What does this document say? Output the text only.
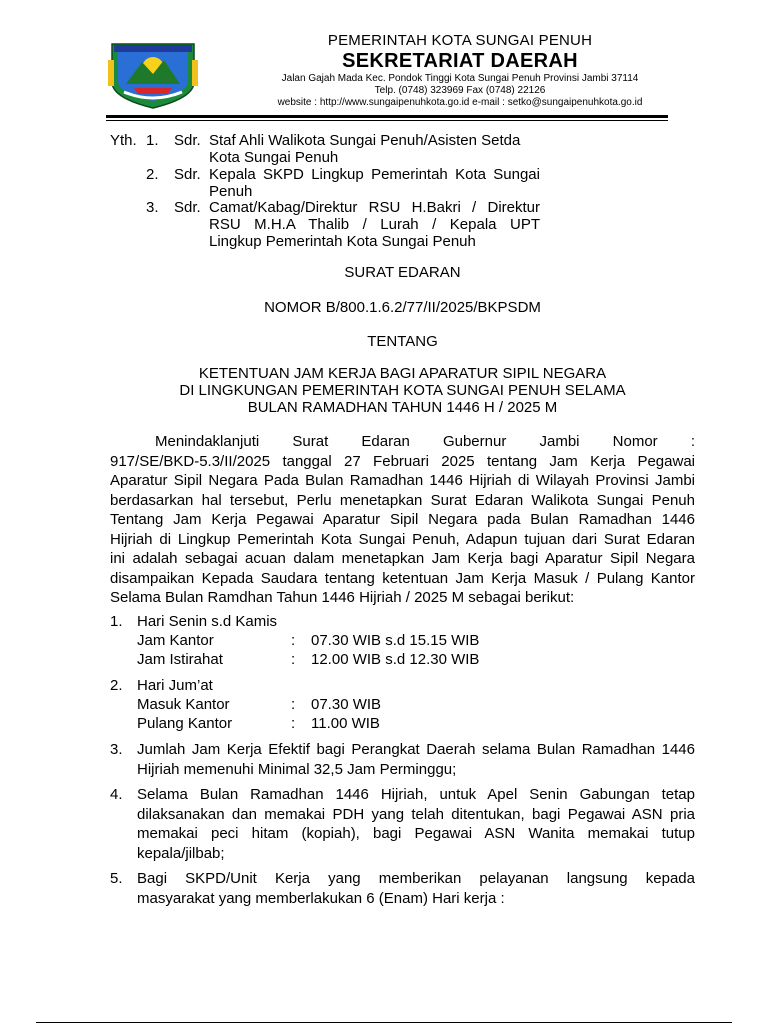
KOTA SUNGAI PENUH	PEMERINTAH KOTA SUNGAI PENUH
SEKRETARIAT DAERAH
Jalan Gajah Mada Kec. Pondok Tinggi Kota Sungai Penuh Provinsi Jambi 37114
Telp. (0748) 323969 Fax (0748) 22126
website : http://www.sungaipenuhkota.go.id e-mail : setko@sungaipenuhkota.go.id
Yth. 1. Sdr. Staf Ahli Walikota Sungai Penuh/Asisten Setda
Kota Sungai Penuh
2. Sdr. Kepala SKPD Lingkup Pemerintah Kota Sungai
Penuh
3. Sdr. Camat/Kabag/Direktur RSU H.Bakri / Direktur
RSU M.H.A Thalib / Lurah / Kepala UPT
Lingkup Pemerintah Kota Sungai Penuh
SURAT EDARAN
NOMOR B/800.1.6.2/77/II/2025/BKPSDM
TENTANG
KETENTUAN JAM KERJA BAGI APARATUR SIPIL NEGARA
DI LINGKUNGAN PEMERINTAH KOTA SUNGAI PENUH SELAMA
BULAN RAMADHAN TAHUN 1446 H / 2025 M
Menindaklanjuti Surat Edaran Gubernur Jambi Nomor :
917/SE/BKD-5.3/II/2025 tanggal 27 Februari 2025 tentang Jam Kerja Pegawai
Aparatur Sipil Negara Pada Bulan Ramadhan 1446 Hijriah di Wilayah Provinsi Jambi
berdasarkan hal tersebut, Perlu menetapkan Surat Edaran Walikota Sungai Penuh
Tentang Jam Kerja Pegawai Aparatur Sipil Negara pada Bulan Ramadhan 1446
Hijriah di Lingkup Pemerintah Kota Sungai Penuh, Adapun tujuan dari Surat Edaran
ini adalah sebagai acuan dalam menetapkan Jam Kerja bagi Aparatur Sipil Negara
disampaikan Kepada Saudara tentang ketentuan Jam Kerja Masuk / Pulang Kantor
Selama Bulan Ramdhan Tahun 1446 Hijriah / 2025 M sebagai berikut:
1. Hari Senin s.d Kamis
Jam Kantor	: 07.30 WIB s.d 15.15 WIB
Jam Istirahat	: 12.00 WIB s.d 12.30 WIB
2. Hari Jum’at
Masuk Kantor	: 07.30 WIB
Pulang Kantor	: 11.00 WIB
3. Jumlah Jam Kerja Efektif bagi Perangkat Daerah selama Bulan Ramadhan 1446
Hijriah memenuhi Minimal 32,5 Jam Perminggu;
4. Selama Bulan Ramadhan 1446 Hijriah, untuk Apel Senin Gabungan tetap
dilaksanakan dan memakai PDH yang telah ditentukan, bagi Pegawai ASN pria
memakai peci hitam (kopiah), bagi Pegawai ASN Wanita memakai tutup
kepala/jilbab;
5. Bagi SKPD/Unit Kerja yang memberikan pelayanan langsung kepada
masyarakat yang memberlakukan 6 (Enam) Hari kerja :
